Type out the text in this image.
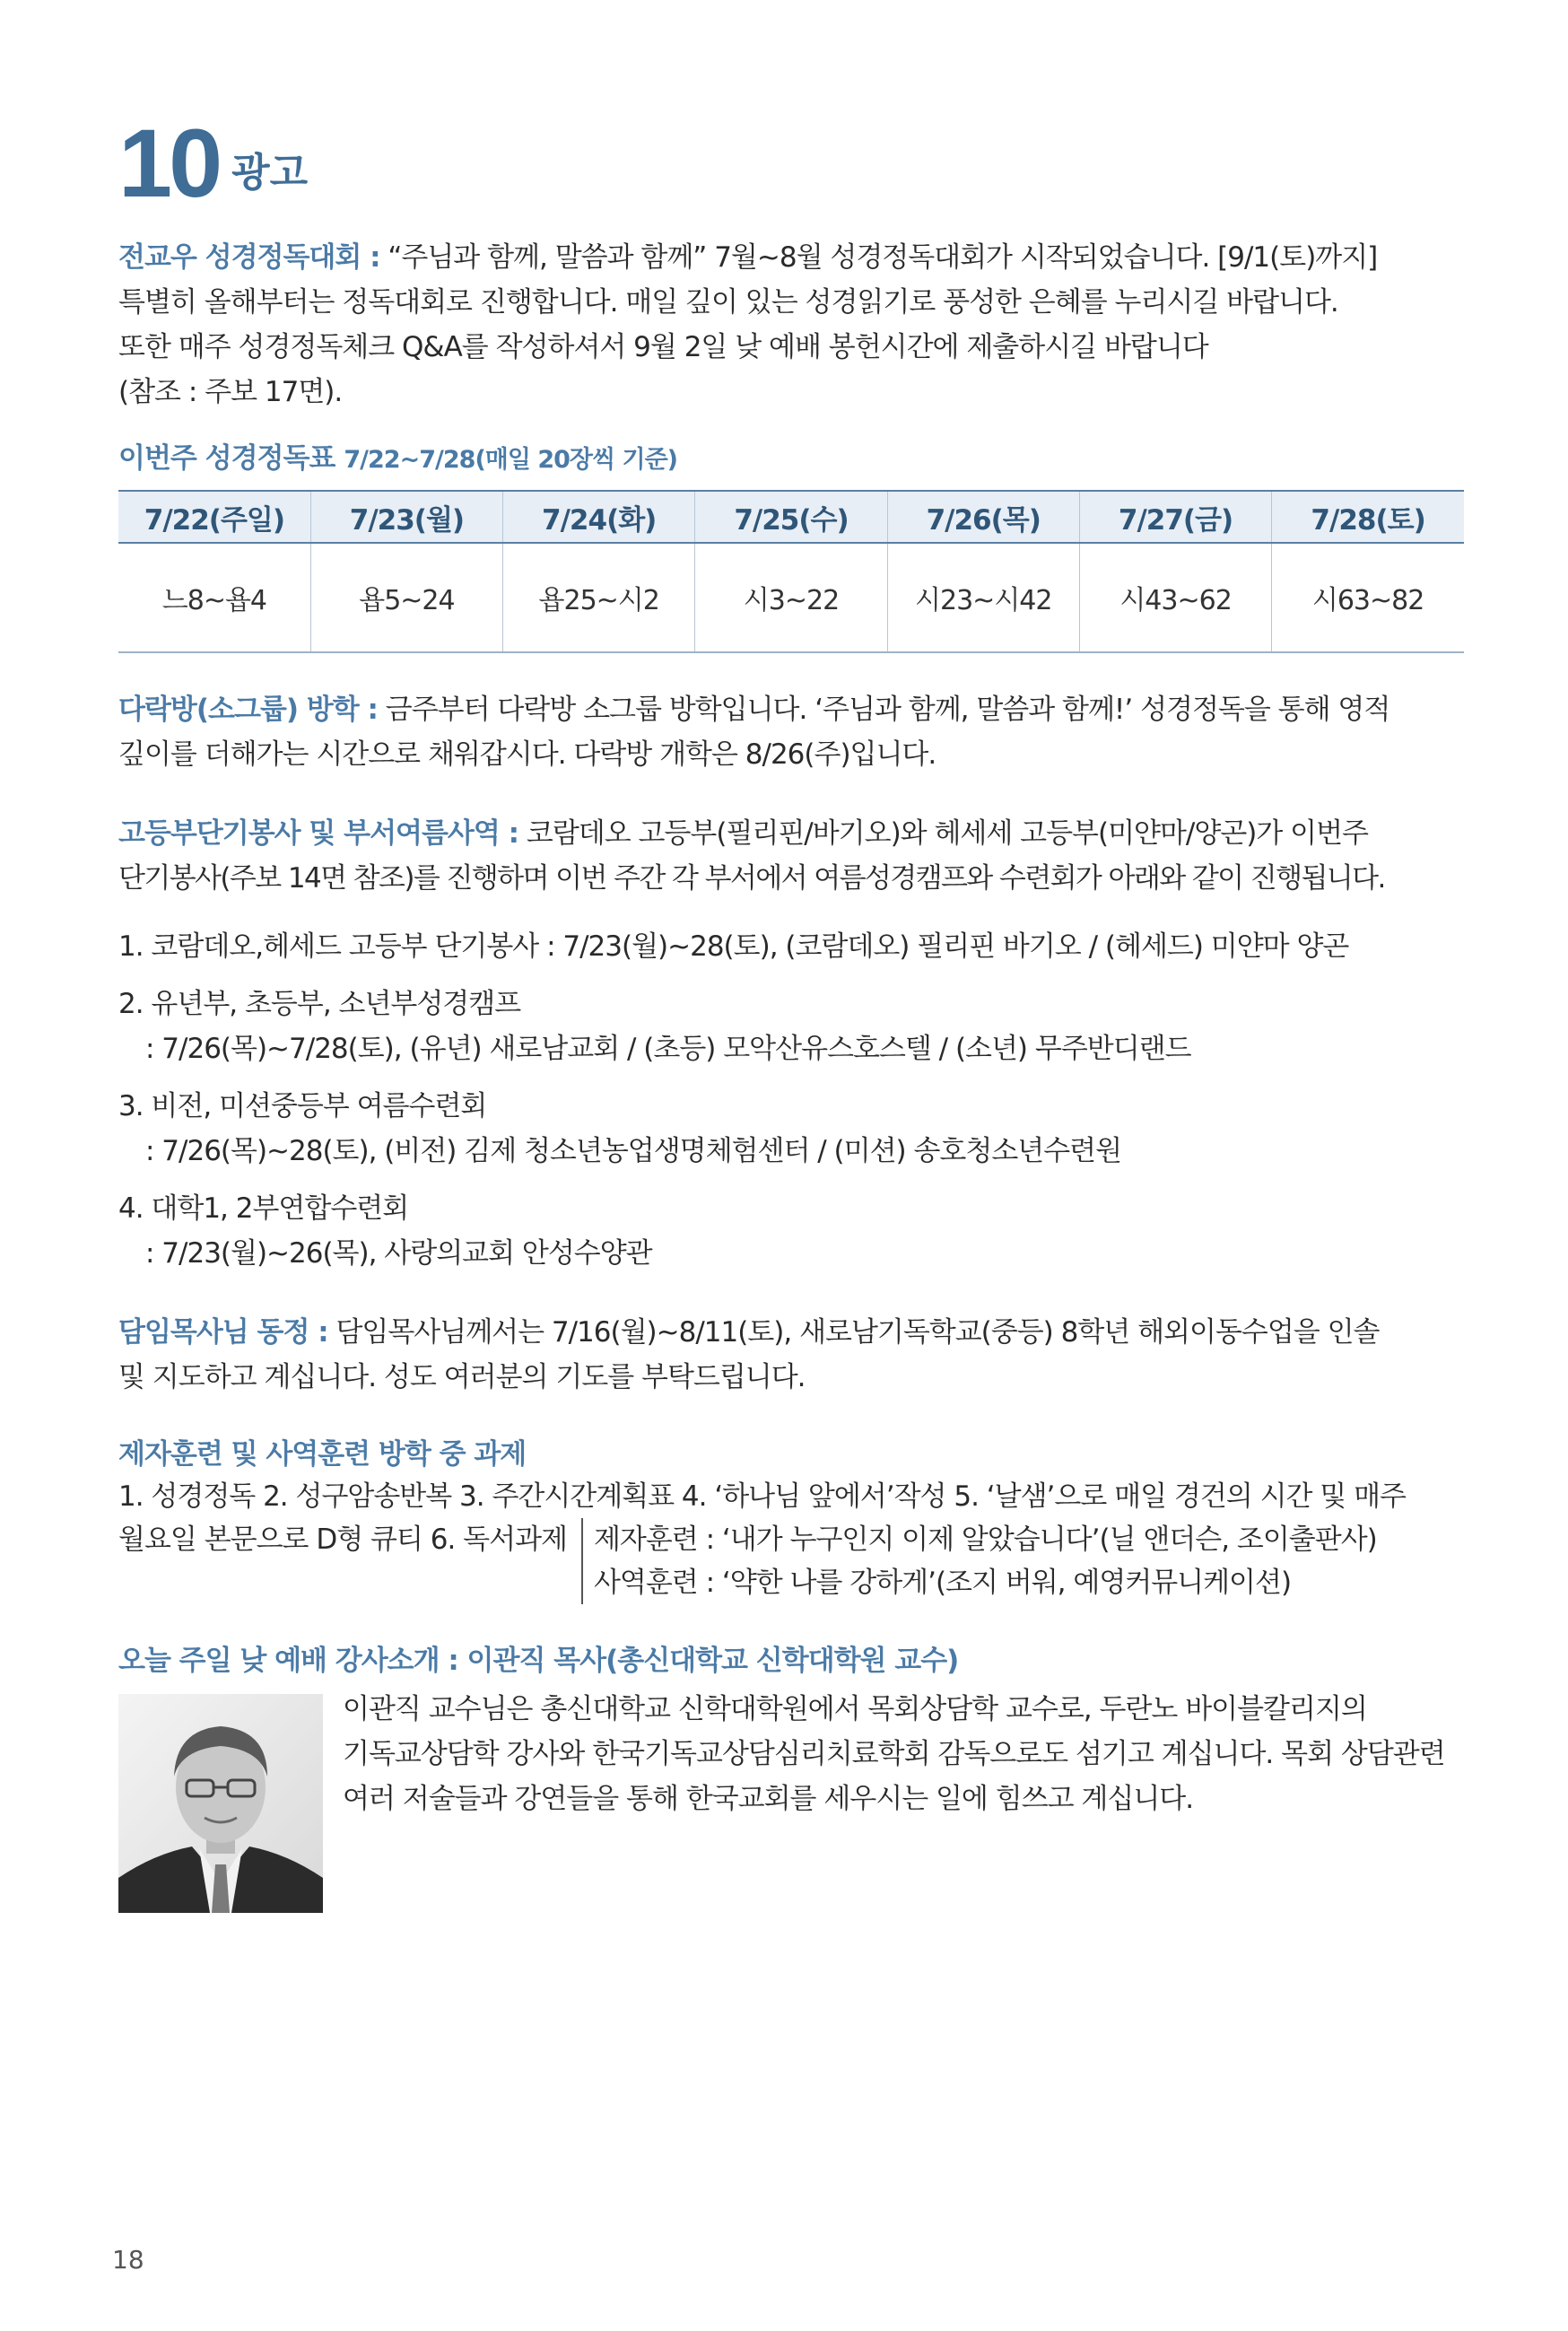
10 광고

전교우 성경정독대회 : “주님과 함께, 말씀과 함께” 7월~8월 성경정독대회가 시작되었습니다. [9/1(토)까지]

특별히 올해부터는 정독대회로 진행합니다. 매일 깊이 있는 성경읽기로 풍성한 은혜를 누리시길 바랍니다.

또한 매주 성경정독체크 Q&A를 작성하셔서 9월 2일 낮 예배 봉헌시간에 제출하시길 바랍니다

(참조 : 주보 17면).

이번주 성경정독표 7/22~7/28(매일 20장씩 기준)
7/22(주일)	7/23(월)	7/24(화)	7/25(수)	7/26(목)	7/27(금)	7/28(토)
느8~욥4	욥5~24	욥25~시2	시3~22	시23~시42	시43~62	시63~82

다락방(소그룹) 방학 : 금주부터 다락방 소그룹 방학입니다. ‘주님과 함께, 말씀과 함께!’ 성경정독을 통해 영적

깊이를 더해가는 시간으로 채워갑시다. 다락방 개학은 8/26(주)입니다.

고등부단기봉사 및 부서여름사역 : 코람데오 고등부(필리핀/바기오)와 헤세세 고등부(미얀마/양곤)가 이번주

단기봉사(주보 14면 참조)를 진행하며 이번 주간 각 부서에서 여름성경캠프와 수련회가 아래와 같이 진행됩니다.

1. 코람데오,헤세드 고등부 단기봉사 : 7/23(월)~28(토), (코람데오) 필리핀 바기오 / (헤세드) 미얀마 양곤
2. 유년부, 초등부, 소년부성경캠프
: 7/26(목)~7/28(토), (유년) 새로남교회 / (초등) 모악산유스호스텔 / (소년) 무주반디랜드
3. 비전, 미션중등부 여름수련회
: 7/26(목)~28(토), (비전) 김제 청소년농업생명체험센터 / (미션) 송호청소년수련원
4. 대학1, 2부연합수련회
: 7/23(월)~26(목), 사랑의교회 안성수양관

담임목사님 동정 : 담임목사님께서는 7/16(월)~8/11(토), 새로남기독학교(중등) 8학년 해외이동수업을 인솔

및 지도하고 계십니다. 성도 여러분의 기도를 부탁드립니다.

제자훈련 및 사역훈련 방학 중 과제

1. 성경정독 2. 성구암송반복 3. 주간시간계획표 4. ‘하나님 앞에서’작성 5. ‘날샘’으로 매일 경건의 시간 및 매주

월요일 본문으로 D형 큐티 6. 독서과제 제자훈련 : ‘내가 누구인지 이제 알았습니다’(닐 앤더슨, 조이출판사)
사역훈련 : ‘약한 나를 강하게’(조지 버워, 예영커뮤니케이션)
오늘 주일 낮 예배 강사소개 : 이관직 목사(총신대학교 신학대학원 교수)
이관직 교수님은 총신대학교 신학대학원에서 목회상담학 교수로, 두란노 바이블칼리지의
기독교상담학 강사와 한국기독교상담심리치료학회 감독으로도 섬기고 계십니다. 목회 상담관련
여러 저술들과 강연들을 통해 한국교회를 세우시는 일에 힘쓰고 계십니다.
18
